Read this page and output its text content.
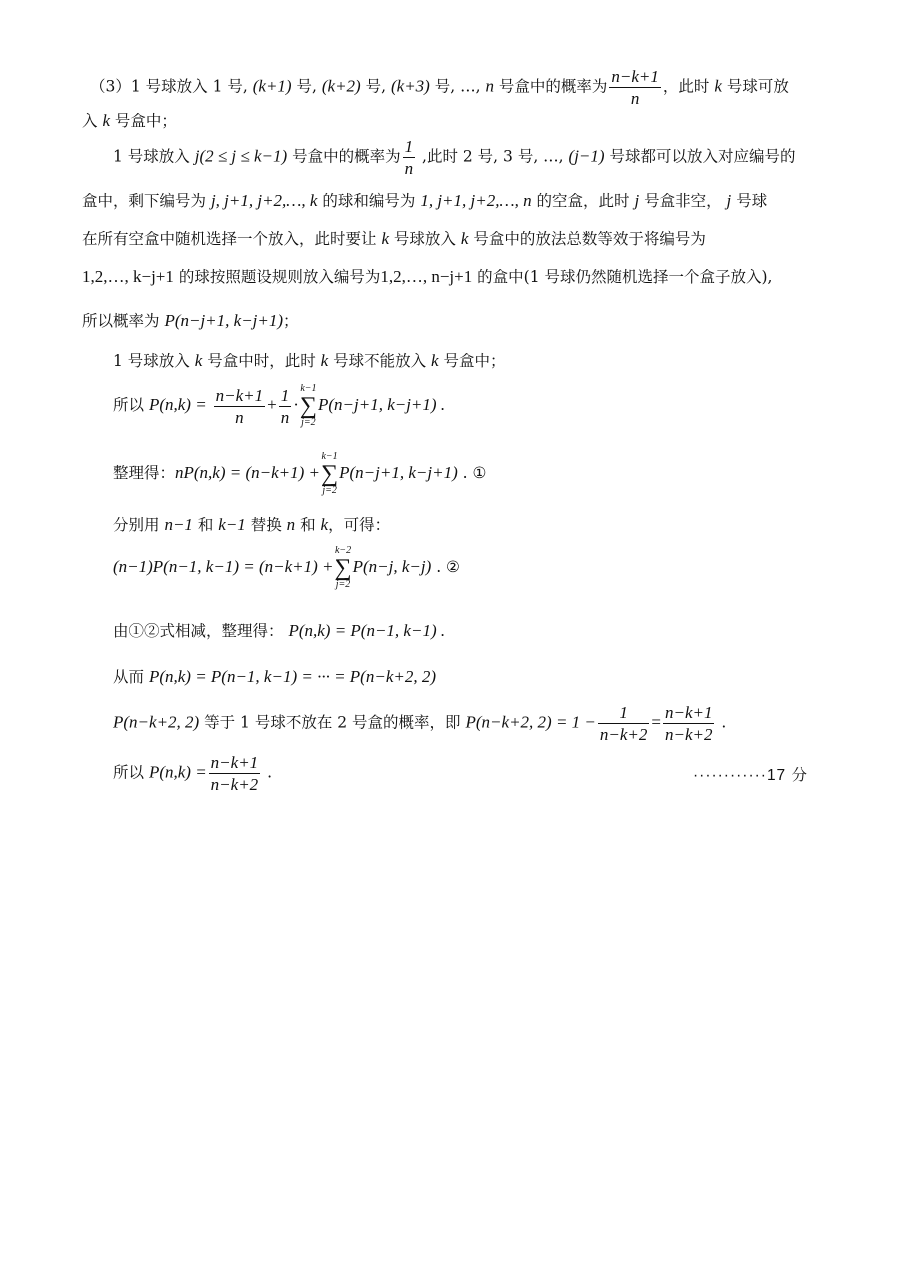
（3）1 号球放入 1 号, (k+1) 号, (k+2) 号, (k+3) 号, …, n 号盒中的概率为 $\frac{n-k+1}{n}$ ，此时 k 号球可放
入 k 号盒中；
1 号球放入 j(2 ≤ j ≤ k−1) 号盒中的概率为 $\frac{1}{n}$ ,此时 2 号, 3 号, …, (j−1) 号球都可以放入对应编号的
盒中，剩下编号为 j, j+1, j+2,…, k 的球和编号为 1, j+1, j+2,…, n 的空盒，此时 j 号盒非空， j 号球
在所有空盒中随机选择一个放入，此时要让 k 号球放入 k 号盒中的放法总数等效于将编号为
1,2,…, k−j+1 的球按照题设规则放入编号为1,2,…, n−j+1 的盒中(1 号球仍然随机选择一个盒子放入),
所以概率为 P(n−j+1, k−j+1)；
1 号球放入 k 号盒中时，此时 k 号球不能放入 k 号盒中；
所以 $P(n,k) = \frac{n-k+1}{n} + \frac{1}{n}$ ·
k−1
∑
j=2
P(n−j+1, k−j+1) .
整理得：nP(n,k) = (n−k+1) +
k−1
∑
j=2
P(n−j+1, k−j+1) . ①
分别用 n−1 和 k−1 替换 n 和 k，可得：
(n−1)P(n−1, k−1) = (n−k+1) +
k−2
∑
j=2
P(n−j, k−j) . ②
由①②式相减，整理得： P(n,k) = P(n−1, k−1) .
从而 P(n,k) = P(n−1, k−1) = ··· = P(n−k+2, 2)
P(n−k+2, 2) 等于 1 号球不放在 2 号盒的概率，即 P(n−k+2, $2) = 1 - \frac{1}{n-k+2} = \frac{n-k+1}{n-k+2}$ .
所以 $P(n,k) = \frac{n-k+1}{n-k+2}$ .	············17 分
